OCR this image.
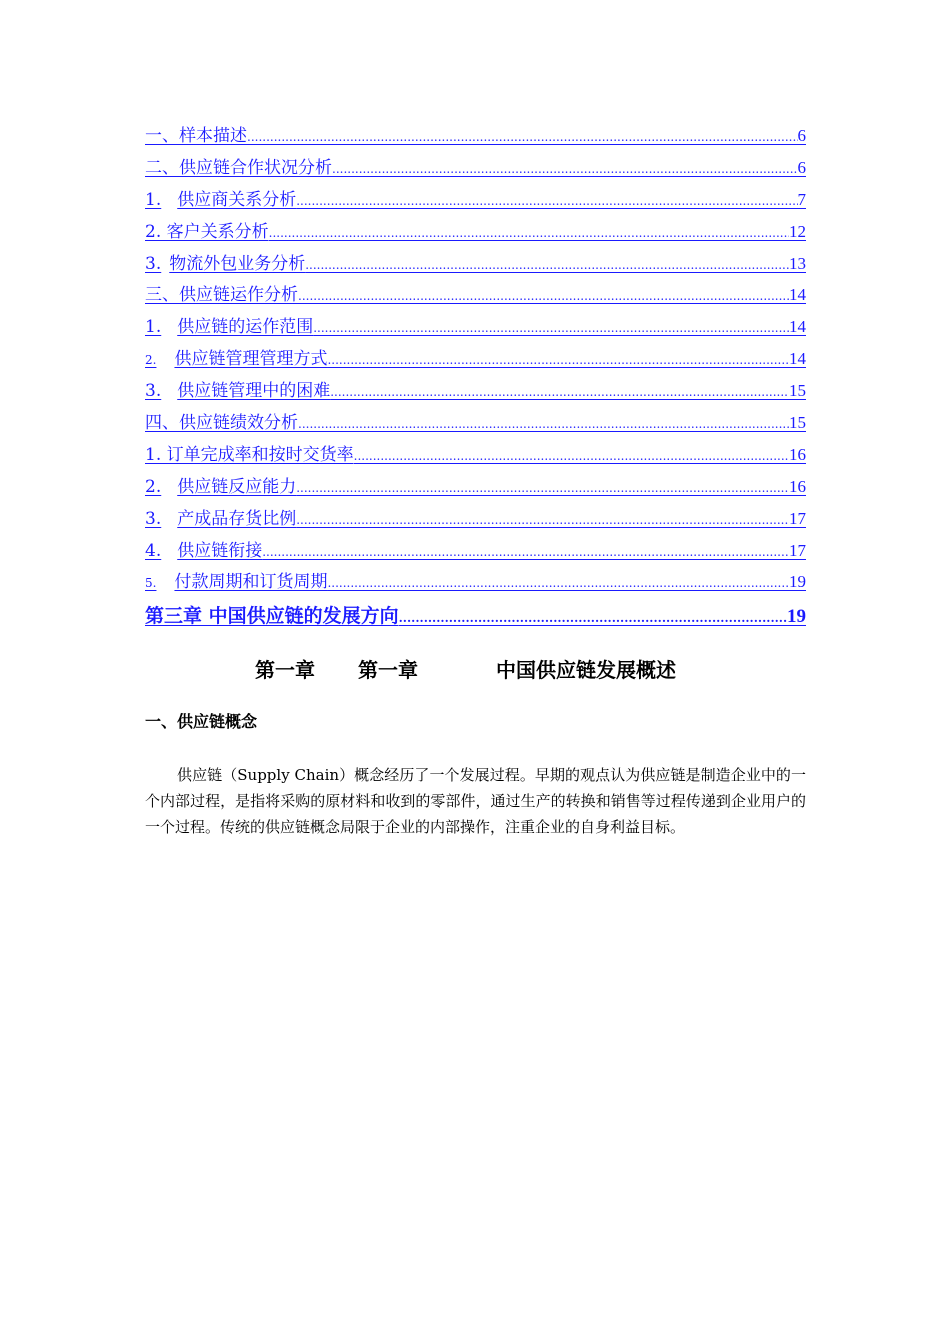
一、样本描述 .....	6
二、供应链合作状况分析 .....	6
1. 供应商关系分析 .....	7
2. 客户关系分析 .....	12
3. 物流外包业务分析 .....	13
三、供应链运作分析 .....	14
1. 供应链的运作范围 .....	14
2. 供应链管理管理方式 .....	14
3. 供应链管理中的困难 .....	15
四、供应链绩效分析 .....	15
1. 订单完成率和按时交货率 .....	16
2. 供应链反应能力 .....	16
3. 产成品存货比例 .....	17
4. 供应链衔接 .....	17
5. 付款周期和订货周期 .....	19
第三章 中国供应链的发展方向 .....	19
第一章 第一章	中国供应链发展概述
一、供应链概念

供应链（Supply Chain）概念经历了一个发展过程。早期的观点认为供应链是制造企业中的一个内部过程，是指将采购的原材料和收到的零部件，通过生产的转换和销售等过程传递到企业用户的一个过程。传统的供应链概念局限于企业的内部操作，注重企业的自身利益目标。
